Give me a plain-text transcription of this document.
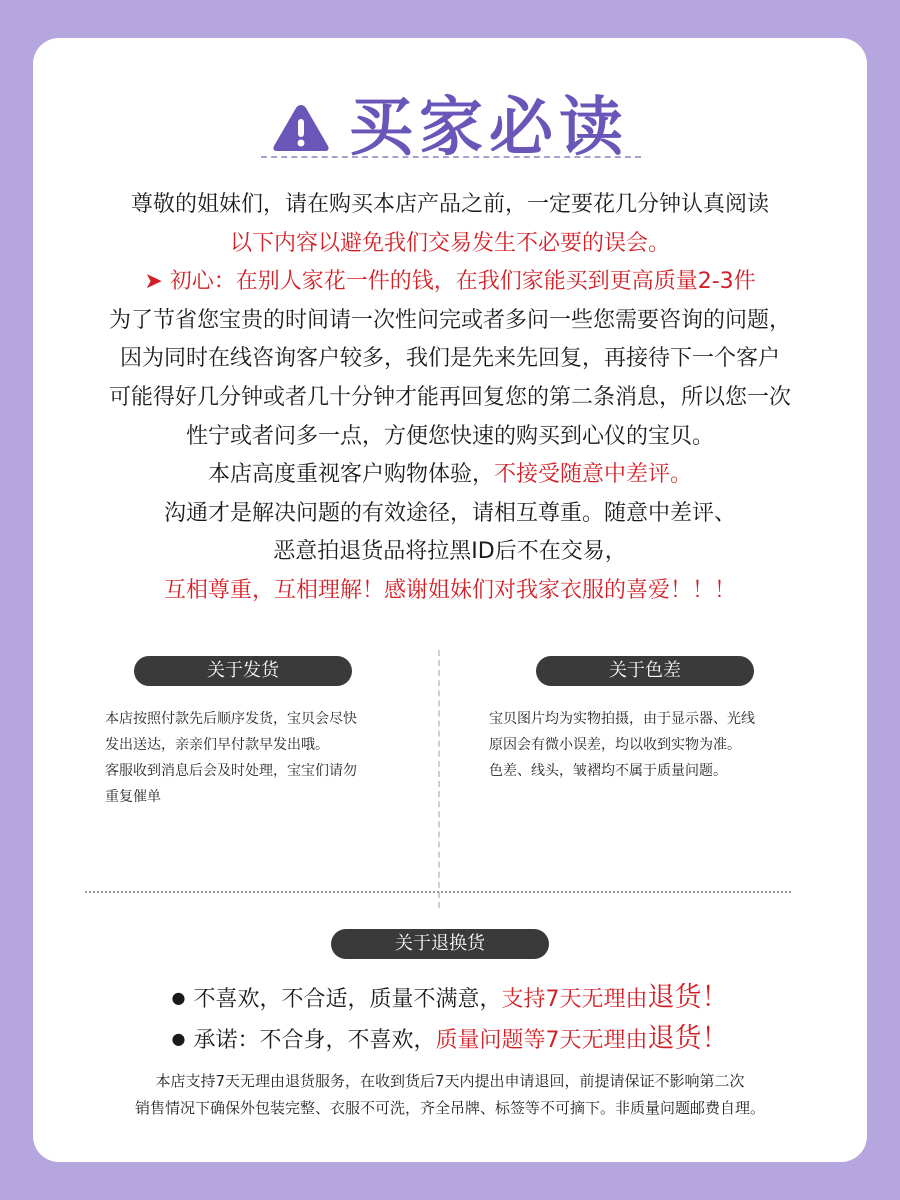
买家必读
尊敬的姐妹们，请在购买本店产品之前，一定要花几分钟认真阅读
以下内容以避免我们交易发生不必要的误会。
➤ 初心：在别人家花一件的钱，在我们家能买到更高质量2-3件
为了节省您宝贵的时间请一次性问完或者多问一些您需要咨询的问题，
因为同时在线咨询客户较多，我们是先来先回复，再接待下一个客户
可能得好几分钟或者几十分钟才能再回复您的第二条消息，所以您一次
性宁或者问多一点，方便您快速的购买到心仪的宝贝。
本店高度重视客户购物体验，不接受随意中差评。
沟通才是解决问题的有效途径，请相互尊重。随意中差评、
恶意拍退货品将拉黑ID后不在交易，
互相尊重，互相理解！感谢姐妹们对我家衣服的喜爱！！！
关于发货
本店按照付款先后顺序发货，宝贝会尽快
发出送达，亲亲们早付款早发出哦。
客服收到消息后会及时处理，宝宝们请勿
重复催单
关于色差
宝贝图片均为实物拍摄，由于显示器、光线
原因会有微小误差，均以收到实物为准。
色差、线头，皱褶均不属于质量问题。
关于退换货
● 不喜欢，不合适，质量不满意，支持7天无理由退货！
● 承诺：不合身，不喜欢，质量问题等7天无理由退货！
本店支持7天无理由退货服务，在收到货后7天内提出申请退回，前提请保证不影响第二次
销售情况下确保外包装完整、衣服不可洗，齐全吊牌、标签等不可摘下。非质量问题邮费自理。
